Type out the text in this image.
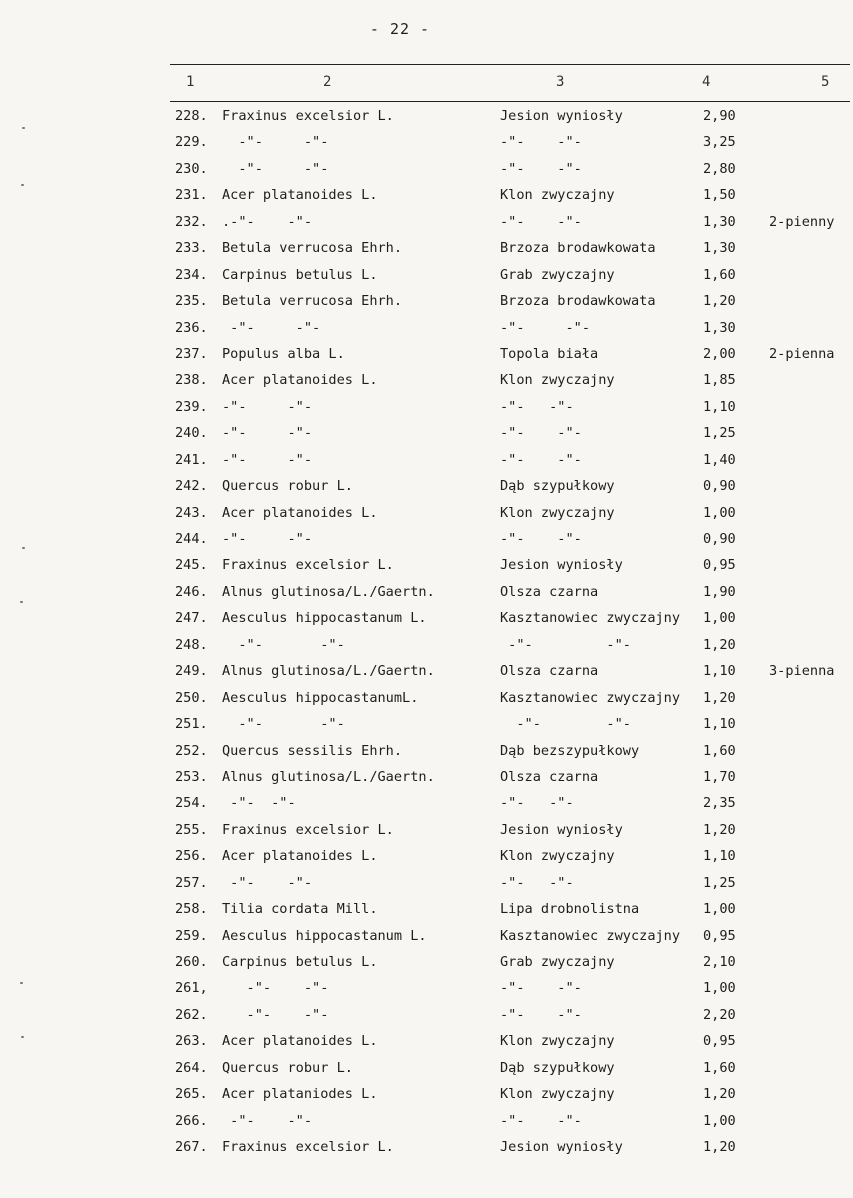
- 22 -
1	2	3	4	5
228. Fraxinus excelsior L.	Jesion wyniosły	2,90
229. -"-     -"-	-"-    -"-	3,25
230. -"-     -"-	-"-    -"-	2,80
231. Acer platanoides L.	Klon zwyczajny	1,50
232. .-"-    -"-	-"-    -"-	1,30 2-pienny
233. Betula verrucosa Ehrh.	Brzoza brodawkowata	1,30
234. Carpinus betulus L.	Grab zwyczajny	1,60
235. Betula verrucosa Ehrh.	Brzoza brodawkowata	1,20
236. -"-     -"-	-"-     -"-	1,30
237. Populus alba L.	Topola biała	2,00 2-pienna
238. Acer platanoides L.	Klon zwyczajny	1,85
239. -"-     -"-	-"-   -"-	1,10
240. -"-     -"-	-"-    -"-	1,25
241. -"-     -"-	-"-    -"-	1,40
242. Quercus robur L.	Dąb szypułkowy	0,90
243. Acer platanoides L.	Klon zwyczajny	1,00
244. -"-     -"-	-"-    -"-	0,90
245. Fraxinus excelsior L.	Jesion wyniosły	0,95
246. Alnus glutinosa/L./Gaertn.	Olsza czarna	1,90
247. Aesculus hippocastanum L.	Kasztanowiec zwyczajny 1,00
248. -"-       -"-	-"-         -"-	1,20
249. Alnus glutinosa/L./Gaertn.	Olsza czarna	1,10 3-pienna
250. Aesculus hippocastanumL.	Kasztanowiec zwyczajny 1,20
251. -"-       -"-	-"-        -"-	1,10
252. Quercus sessilis Ehrh.	Dąb bezszypułkowy	1,60
253. Alnus glutinosa/L./Gaertn.	Olsza czarna	1,70
254. -"-  -"-	-"-   -"-	2,35
255. Fraxinus excelsior L.	Jesion wyniosły	1,20
256. Acer platanoides L.	Klon zwyczajny	1,10
257. -"-    -"-	-"-   -"-	1,25
258. Tilia cordata Mill.	Lipa drobnolistna	1,00
259. Aesculus hippocastanum L.	Kasztanowiec zwyczajny 0,95
260. Carpinus betulus L.	Grab zwyczajny	2,10
261, -"-    -"-	-"-    -"-	1,00
262. -"-    -"-	-"-    -"-	2,20
263. Acer platanoides L.	Klon zwyczajny	0,95
264. Quercus robur L.	Dąb szypułkowy	1,60
265. Acer plataniodes L.	Klon zwyczajny	1,20
266. -"-    -"-	-"-    -"-	1,00
267. Fraxinus excelsior L.	Jesion wyniosły	1,20
